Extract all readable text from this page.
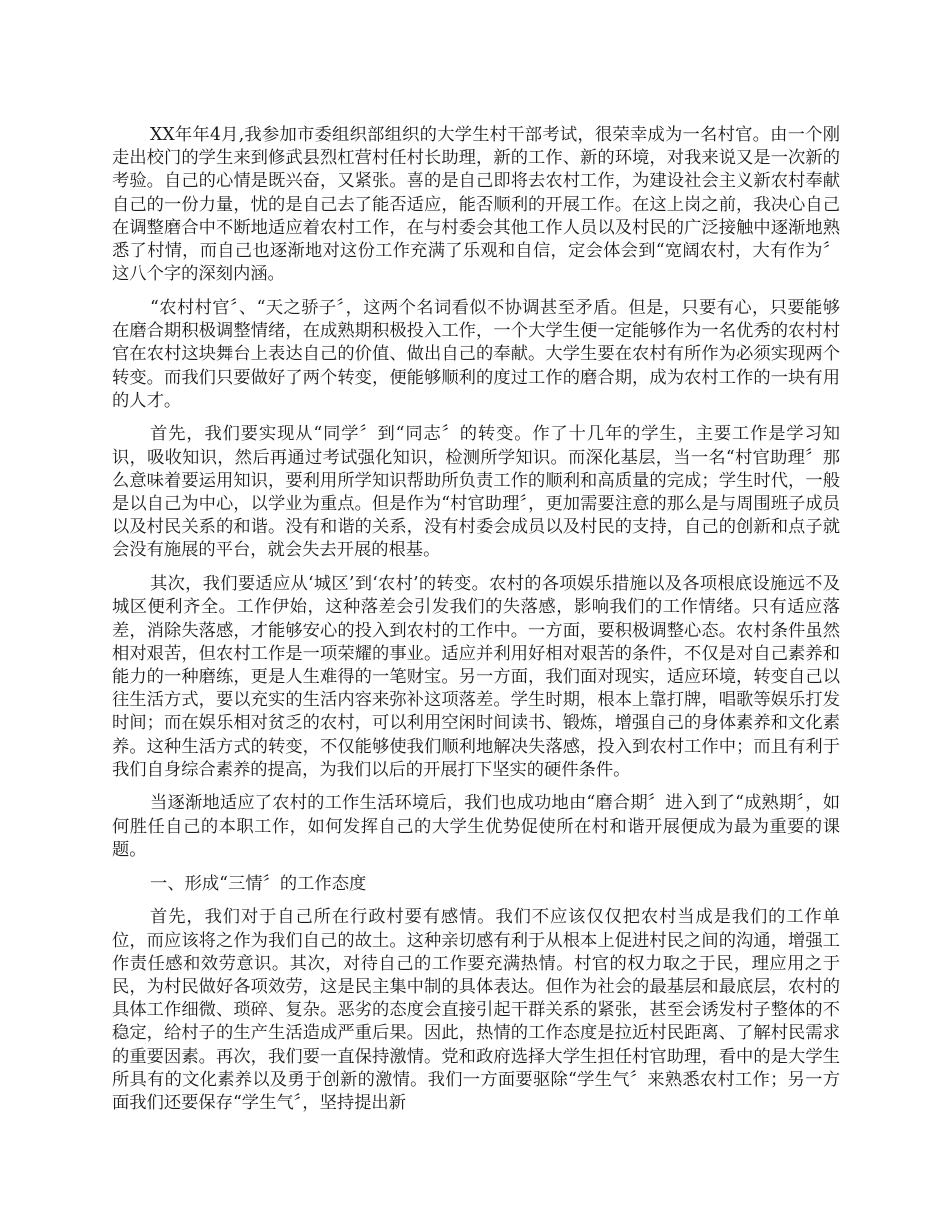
XX年年4月,我参加市委组织部组织的大学生村干部考试，很荣幸成为一名村官。由一个刚走出校门的学生来到修武县烈杠营村任村长助理，新的工作、新的环境，对我来说又是一次新的考验。自己的心情是既兴奋，又紧张。喜的是自己即将去农村工作，为建设社会主义新农村奉献自己的一份力量，忧的是自己去了能否适应，能否顺利的开展工作。在这上岗之前，我决心自己在调整磨合中不断地适应着农村工作，在与村委会其他工作人员以及村民的广泛接触中逐渐地熟悉了村情，而自己也逐渐地对这份工作充满了乐观和自信，定会体会到“宽阔农村，大有作为〞这八个字的深刻内涵。

“农村村官〞、“天之骄子〞，这两个名词看似不协调甚至矛盾。但是，只要有心，只要能够在磨合期积极调整情绪，在成熟期积极投入工作，一个大学生便一定能够作为一名优秀的农村村官在农村这块舞台上表达自己的价值、做出自己的奉献。大学生要在农村有所作为必须实现两个转变。而我们只要做好了两个转变，便能够顺利的度过工作的磨合期，成为农村工作的一块有用的人才。

首先，我们要实现从“同学〞到“同志〞的转变。作了十几年的学生，主要工作是学习知识，吸收知识，然后再通过考试强化知识，检测所学知识。而深化基层，当一名“村官助理〞那么意味着要运用知识，要利用所学知识帮助所负责工作的顺利和高质量的完成；学生时代，一般是以自己为中心，以学业为重点。但是作为“村官助理〞，更加需要注意的那么是与周围班子成员以及村民关系的和谐。没有和谐的关系，没有村委会成员以及村民的支持，自己的创新和点子就会没有施展的平台，就会失去开展的根基。

其次，我们要适应从‘城区’到‘农村’的转变。农村的各项娱乐措施以及各项根底设施远不及城区便利齐全。工作伊始，这种落差会引发我们的失落感，影响我们的工作情绪。只有适应落差，消除失落感，才能够安心的投入到农村的工作中。一方面，要积极调整心态。农村条件虽然相对艰苦，但农村工作是一项荣耀的事业。适应并利用好相对艰苦的条件，不仅是对自己素养和能力的一种磨练，更是人生难得的一笔财宝。另一方面，我们面对现实，适应环境，转变自己以往生活方式，要以充实的生活内容来弥补这项落差。学生时期，根本上靠打牌，唱歌等娱乐打发时间；而在娱乐相对贫乏的农村，可以利用空闲时间读书、锻炼，增强自己的身体素养和文化素养。这种生活方式的转变，不仅能够使我们顺利地解决失落感，投入到农村工作中；而且有利于我们自身综合素养的提高，为我们以后的开展打下坚实的硬件条件。

当逐渐地适应了农村的工作生活环境后，我们也成功地由“磨合期〞进入到了“成熟期〞，如何胜任自己的本职工作，如何发挥自己的大学生优势促使所在村和谐开展便成为最为重要的课题。

一、形成“三情〞的工作态度

首先，我们对于自己所在行政村要有感情。我们不应该仅仅把农村当成是我们的工作单位，而应该将之作为我们自己的故土。这种亲切感有利于从根本上促进村民之间的沟通，增强工作责任感和效劳意识。其次，对待自己的工作要充满热情。村官的权力取之于民，理应用之于民，为村民做好各项效劳，这是民主集中制的具体表达。但作为社会的最基层和最底层，农村的具体工作细微、琐碎、复杂。恶劣的态度会直接引起干群关系的紧张，甚至会诱发村子整体的不稳定，给村子的生产生活造成严重后果。因此，热情的工作态度是拉近村民距离、了解村民需求的重要因素。再次，我们要一直保持激情。党和政府选择大学生担任村官助理，看中的是大学生所具有的文化素养以及勇于创新的激情。我们一方面要驱除“学生气〞来熟悉农村工作；另一方面我们还要保存“学生气〞，坚持提出新
